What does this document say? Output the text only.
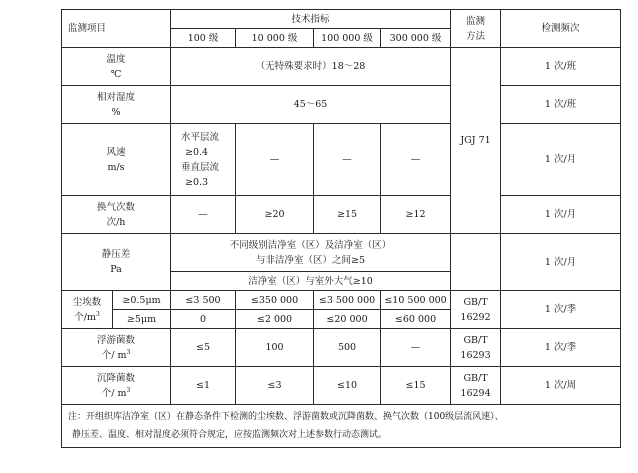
监测项目		技术指标				监测
方法	检测频次
		100 级	10 000 级	100 000 级	300 000 级		

温度
℃		（无特殊要求时）18～28				JGJ 71	1 次/班

相对湿度
%		45～65					1 次/班

风速
m/s		水平层流
≥0.4
垂直层流
≥0.3	—	—	—		1 次/月

换气次数
次/h		—	≥20	≥15	≥12		1 次/月

静压差
Pa		不同级别洁净室（区）及洁净室（区）
与非洁净室（区）之间≥5					1 次/月
		洁净室（区）与室外大气≥10					

尘埃数
个$/m^3$	≥0.5μm	≤3 500	≤350 000	≤3 500 000	≤10 500 000	GB/T
16292	1 次/季
	≥5μm	0	≤2 000	≤20 000	≤60 000		

浮游菌数
个/ $m^3$		≤5	100	500	—	GB/T
16293	1 次/季

沉降菌数
个/ $m^3$		≤1	≤3	≤10	≤15	GB/T
16294	1 次/周

注：开组织库洁净室（区）在静态条件下检测的尘埃数、浮游菌数或沉降菌数、换气次数（100级层流风速）、
静压差、温度、相对湿度必须符合规定，应按监测频次对上述参数行动态测试。							
